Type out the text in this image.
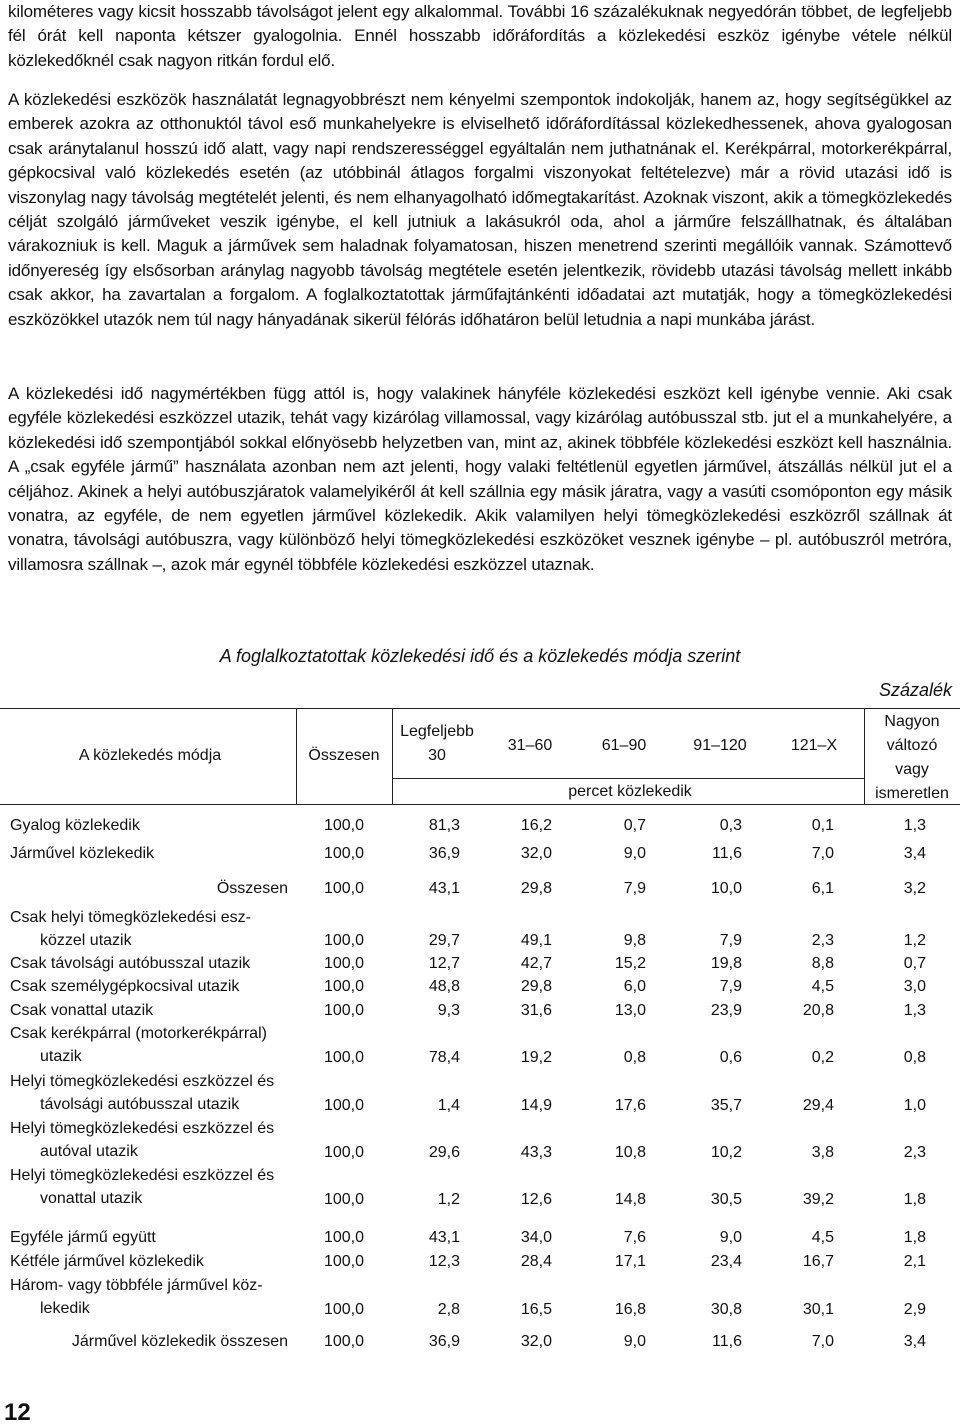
kilométeres vagy kicsit hosszabb távolságot jelent egy alkalommal. További 16 százalékuknak negyedórán többet, de legfeljebb fél órát kell naponta kétszer gyalogolnia. Ennél hosszabb időráfordítás a közlekedési eszköz igénybe vétele nélkül közlekedőknél csak nagyon ritkán fordul elő.

A közlekedési eszközök használatát legnagyobbrészt nem kényelmi szempontok indokolják, hanem az, hogy segítségükkel az emberek azokra az otthonuktól távol eső munkahelyekre is elviselhető időráfordítással közlekedhessenek, ahova gyalogosan csak aránytalanul hosszú idő alatt, vagy napi rendszerességgel egyáltalán nem juthatnának el. Kerékpárral, motorkerékpárral, gépkocsival való közlekedés esetén (az utóbbinál átlagos forgalmi viszonyokat feltételezve) már a rövid utazási idő is viszonylag nagy távolság megtételét jelenti, és nem elhanyagolható időmegtakarítást. Azoknak viszont, akik a tömegközlekedés célját szolgáló járműveket veszik igénybe, el kell jutniuk a lakásukról oda, ahol a járműre felszállhatnak, és általában várakozniuk is kell. Maguk a járművek sem haladnak folyamatosan, hiszen menetrend szerinti megállóik vannak. Számottevő időnyereség így elsősorban aránylag nagyobb távolság megtétele esetén jelentkezik, rövidebb utazási távolság mellett inkább csak akkor, ha zavartalan a forgalom. A foglalkoztatottak járműfajtánkénti időadatai azt mutatják, hogy a tömegközlekedési eszközökkel utazók nem túl nagy hányadának sikerül félórás időhatáron belül letudnia a napi munkába járást.

A közlekedési idő nagymértékben függ attól is, hogy valakinek hányféle közlekedési eszközt kell igénybe vennie. Aki csak egyféle közlekedési eszközzel utazik, tehát vagy kizárólag villamossal, vagy kizárólag autóbusszal stb. jut el a munkahelyére, a közlekedési idő szempontjából sokkal előnyösebb helyzetben van, mint az, akinek többféle közlekedési eszközt kell használnia. A „csak egyféle jármű” használata azonban nem azt jelenti, hogy valaki feltétlenül egyetlen járművel, átszállás nélkül jut el a céljához. Akinek a helyi autóbuszjáratok valamelyikéről át kell szállnia egy másik járatra, vagy a vasúti csomóponton egy másik vonatra, az egyféle, de nem egyetlen járművel közlekedik. Akik valamilyen helyi tömegközlekedési eszközről szállnak át vonatra, távolsági autóbuszra, vagy különböző helyi tömegközlekedési eszközöket vesznek igénybe – pl. autóbuszról metróra, villamosra szállnak –, azok már egynél többféle közlekedési eszközzel utaznak.

A foglalkoztatottak közlekedési idő és a közlekedés módja szerint
Százalék
A közlekedés módja	Összesen
Legfeljebb
30
31–60	61–90	91–120	121–X
percet közlekedik
Nagyon
változó
vagy
ismeretlen
Gyalog közlekedik	100,0	81,3	16,2	0,7	0,3	0,1	1,3
Járművel közlekedik	100,0	36,9	32,0	9,0	11,6	7,0	3,4
Összesen	100,0	43,1	29,8	7,9	10,0	6,1	3,2
Csak helyi tömegközlekedési esz-
közzel utazik	100,0	29,7	49,1	9,8	7,9	2,3	1,2
Csak távolsági autóbusszal utazik	100,0	12,7	42,7	15,2	19,8	8,8	0,7
Csak személygépkocsival utazik	100,0	48,8	29,8	6,0	7,9	4,5	3,0
Csak vonattal utazik	100,0	9,3	31,6	13,0	23,9	20,8	1,3
Csak kerékpárral (motorkerékpárral)
utazik	100,0	78,4	19,2	0,8	0,6	0,2	0,8
Helyi tömegközlekedési eszközzel és
távolsági autóbusszal utazik	100,0	1,4	14,9	17,6	35,7	29,4	1,0
Helyi tömegközlekedési eszközzel és
autóval utazik	100,0	29,6	43,3	10,8	10,2	3,8	2,3
Helyi tömegközlekedési eszközzel és
vonattal utazik	100,0	1,2	12,6	14,8	30,5	39,2	1,8
Egyféle jármű együtt	100,0	43,1	34,0	7,6	9,0	4,5	1,8
Kétféle járművel közlekedik	100,0	12,3	28,4	17,1	23,4	16,7	2,1
Három- vagy többféle járművel köz-
lekedik	100,0	2,8	16,5	16,8	30,8	30,1	2,9
Járművel közlekedik összesen	100,0	36,9	32,0	9,0	11,6	7,0	3,4
12
